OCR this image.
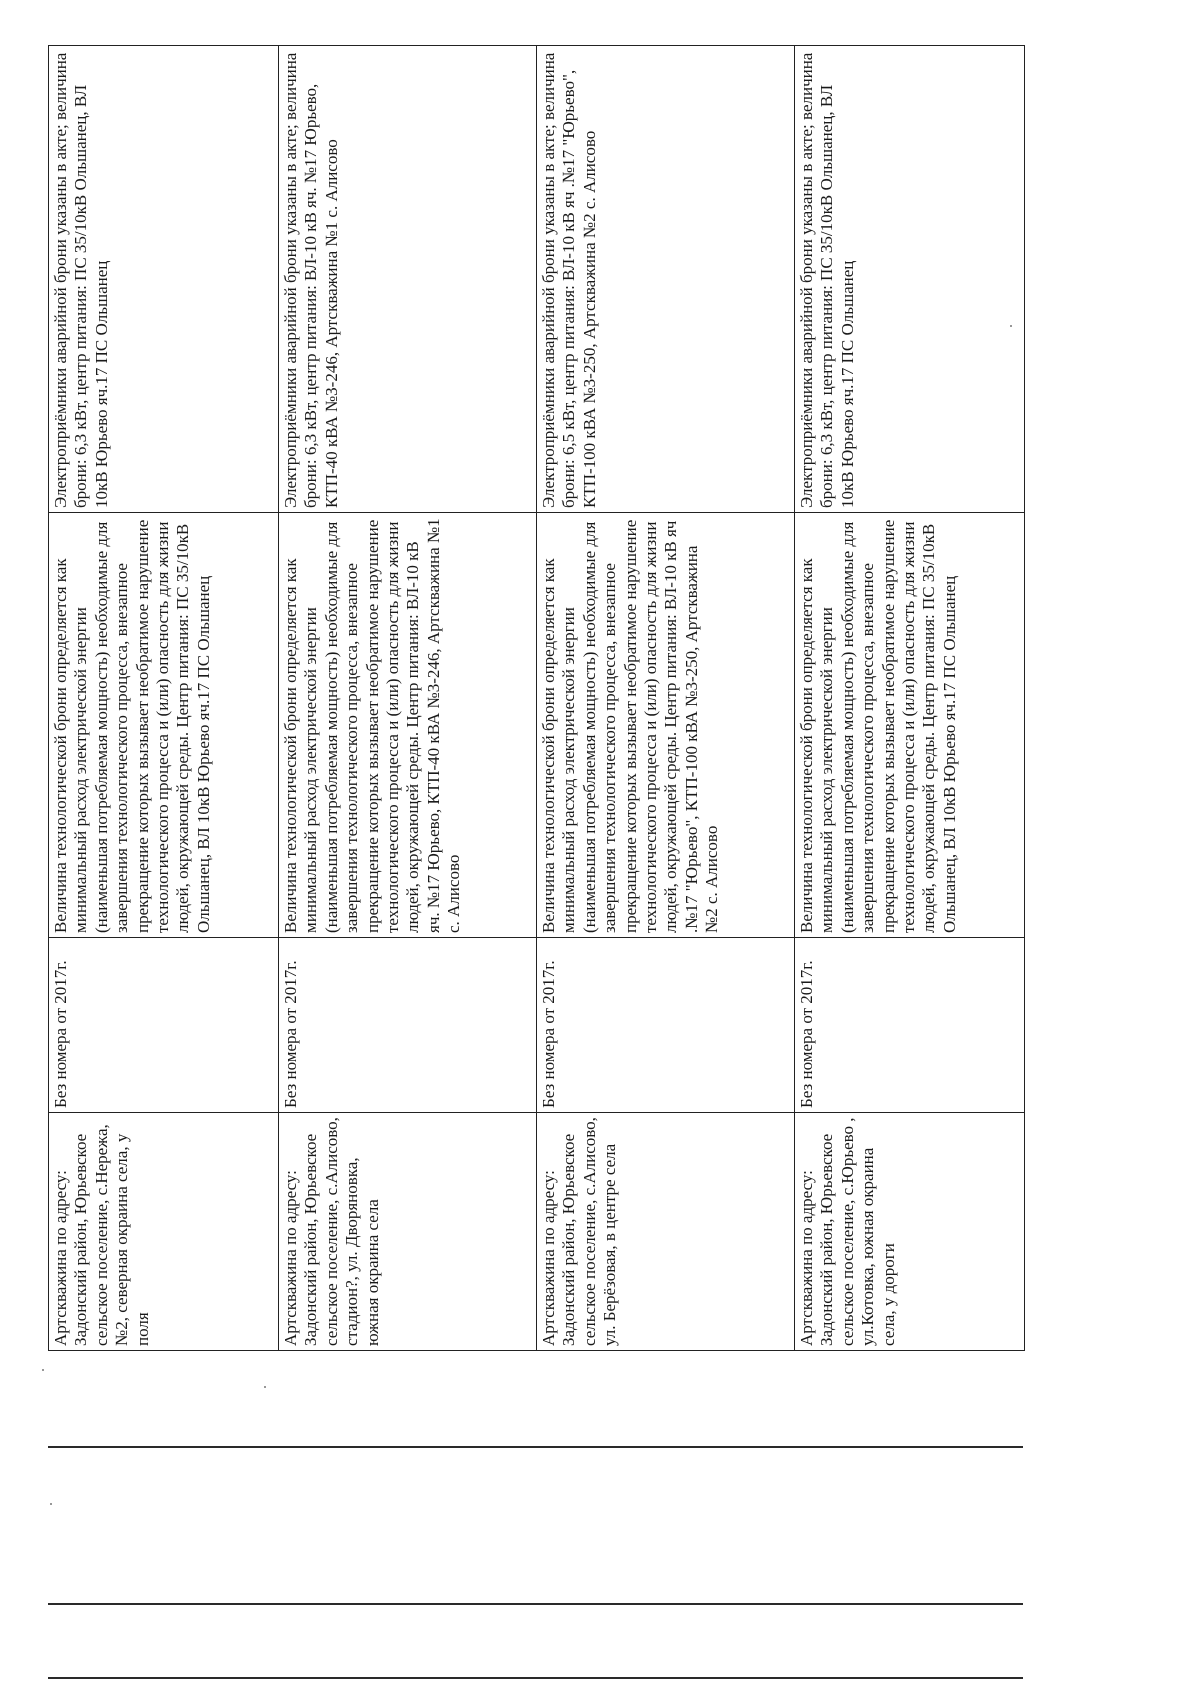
Артскважина по адресу: Задонский район, Юрьевское сельское поселение, с.Нережа,№2, северная окраина села, у поля	Без номера от 2017г.	Величина технологической брони определяется как минимальный расход электрической энергии (наименьшая потребляемая мощность) необходимые для завершения технологического процесса, внезапное прекращение которых вызывает необратимое нарушение технологического процесса и (или) опасность для жизни людей, окружающей среды. Центр питания: ПС 35/10кВ Ольшанец, ВЛ 10кВ Юрьево яч.17 ПС Ольшанец	Электроприёмники аварийной брони указаны в акте; величина брони: 6,3 кВт, центр питания: ПС 35/10кВ Ольшанец, ВЛ 10кВ Юрьево яч.17 ПС Ольшанец
Артскважина по адресу: Задонский район, Юрьевское сельское поселение, с.Алисово, стадион?, ул. Дворяновка, южная окраина села	Без номера от 2017г.	Величина технологической брони определяется как минимальный расход электрической энергии (наименьшая потребляемая мощность) необходимые для завершения технологического процесса, внезапное прекращение которых вызывает необратимое нарушение технологического процесса и (или) опасность для жизни людей, окружающей среды. Центр питания: ВЛ-10 кВ яч. №17 Юрьево, КТП-40 кВА №3-246, Артскважина №1 с. Алисово	Электроприёмники аварийной брони указаны в акте; величина брони: 6,3 кВт, центр питания: ВЛ-10 кВ яч. №17 Юрьево, КТП-40 кВА №3-246, Артскважина №1 с. Алисово
Артскважина по адресу: Задонский район, Юрьевское сельское поселение, с.Алисово, ул. Берёзовая, в центре села	Без номера от 2017г.	Величина технологической брони определяется как минимальный расход электрической энергии (наименьшая потребляемая мощность) необходимые для завершения технологического процесса, внезапное прекращение которых вызывает необратимое нарушение технологического процесса и (или) опасность для жизни людей, окружающей среды. Центр питания: ВЛ-10 кВ яч .№17 "Юрьево", КТП-100 кВА №3-250, Артскважина №2 с. Алисово	Электроприёмники аварийной брони указаны в акте; величина брони: 6,5 кВт, центр питания: ВЛ-10 кВ яч .№17 "Юрьево", КТП-100 кВА №3-250, Артскважина №2 с. Алисово
Артскважина по адресу: Задонский район, Юрьевское сельское поселение, с.Юрьево , ул.Котовка, южная окраина села, у дороги	Без номера от 2017г.	Величина технологической брони определяется как минимальный расход электрической энергии (наименьшая потребляемая мощность) необходимые для завершения технологического процесса, внезапное прекращение которых вызывает необратимое нарушение технологического процесса и (или) опасность для жизни людей, окружающей среды. Центр питания: ПС 35/10кВ Ольшанец, ВЛ 10кВ Юрьево яч.17 ПС Ольшанец	Электроприёмники аварийной брони указаны в акте; величина брони: 6,3 кВт, центр питания: ПС 35/10кВ Ольшанец, ВЛ 10кВ Юрьево яч.17 ПС Ольшанец
